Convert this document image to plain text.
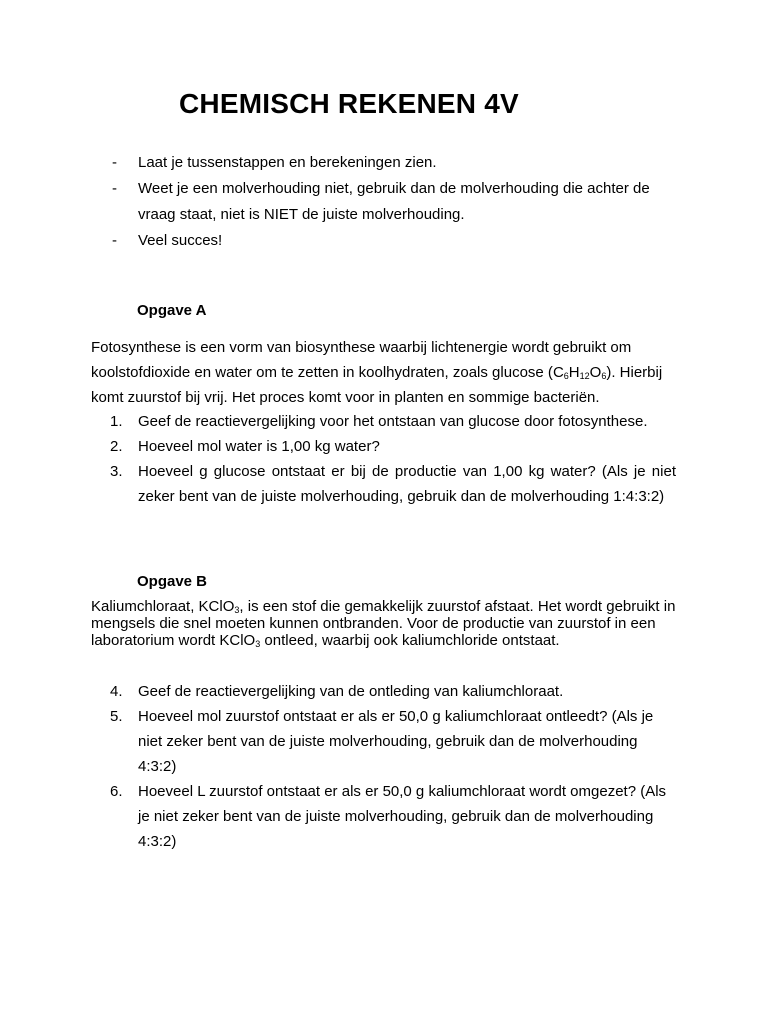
CHEMISCH REKENEN 4V
-	Laat je tussenstappen en berekeningen zien.
-	Weet je een molverhouding niet, gebruik dan de molverhouding die achter de vraag staat, niet is NIET de juiste molverhouding.
-	Veel succes!
Opgave A

Fotosynthese is een vorm van biosynthese waarbij lichtenergie wordt gebruikt om koolstofdioxide en water om te zetten in koolhydraten, zoals glucose $(C_6H_{12}O_6)$. Hierbij komt zuurstof bij vrij. Het proces komt voor in planten en sommige bacteriën.

1.	Geef de reactievergelijking voor het ontstaan van glucose door fotosynthese.
2.	Hoeveel mol water is 1,00 kg water?
3.	Hoeveel g glucose ontstaat er bij de productie van 1,00 kg water? (Als je niet zeker bent van de juiste molverhouding, gebruik dan de molverhouding 1:4:3:2)
Opgave B

Kaliumchloraat, KClO$_3$, is een stof die gemakkelijk zuurstof afstaat. Het wordt gebruikt in mengsels die snel moeten kunnen ontbranden. Voor de productie van zuurstof in een laboratorium wordt KClO$_3$ ontleed, waarbij ook kaliumchloride ontstaat.

4.	Geef de reactievergelijking van de ontleding van kaliumchloraat.
5.	Hoeveel mol zuurstof ontstaat er als er 50,0 g kaliumchloraat ontleedt? (Als je niet zeker bent van de juiste molverhouding, gebruik dan de molverhouding 4:3:2)
6.	Hoeveel L zuurstof ontstaat er als er 50,0 g kaliumchloraat wordt omgezet? (Als je niet zeker bent van de juiste molverhouding, gebruik dan de molverhouding 4:3:2)
